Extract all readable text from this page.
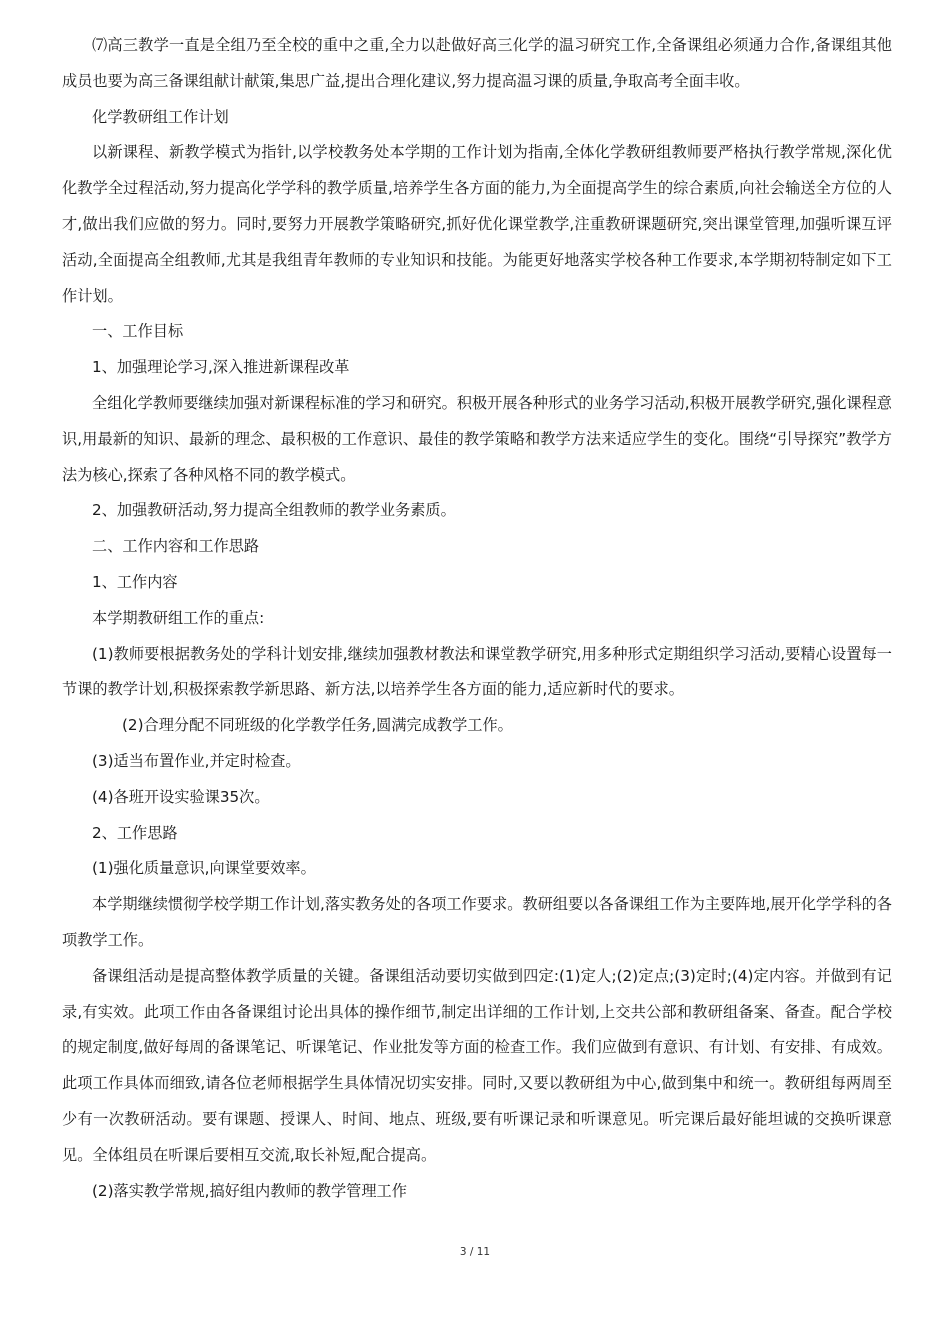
⑺高三教学一直是全组乃至全校的重中之重,全力以赴做好高三化学的温习研究工作,全备课组必须通力合作,备课组其他成员也要为高三备课组献计献策,集思广益,提出合理化建议,努力提高温习课的质量,争取高考全面丰收。

化学教研组工作计划

以新课程、新教学模式为指针,以学校教务处本学期的工作计划为指南,全体化学教研组教师要严格执行教学常规,深化优化教学全过程活动,努力提高化学学科的教学质量,培养学生各方面的能力,为全面提高学生的综合素质,向社会输送全方位的人才,做出我们应做的努力。同时,要努力开展教学策略研究,抓好优化课堂教学,注重教研课题研究,突出课堂管理,加强听课互评活动,全面提高全组教师,尤其是我组青年教师的专业知识和技能。为能更好地落实学校各种工作要求,本学期初特制定如下工作计划。

一、工作目标

1、加强理论学习,深入推进新课程改革

全组化学教师要继续加强对新课程标准的学习和研究。积极开展各种形式的业务学习活动,积极开展教学研究,强化课程意识,用最新的知识、最新的理念、最积极的工作意识、最佳的教学策略和教学方法来适应学生的变化。围绕“引导探究”教学方法为核心,探索了各种风格不同的教学模式。

2、加强教研活动,努力提高全组教师的教学业务素质。

二、工作内容和工作思路

1、工作内容

本学期教研组工作的重点:

(1)教师要根据教务处的学科计划安排,继续加强教材教法和课堂教学研究,用多种形式定期组织学习活动,要精心设置每一节课的教学计划,积极探索教学新思路、新方法,以培养学生各方面的能力,适应新时代的要求。

(2)合理分配不同班级的化学教学任务,圆满完成教学工作。

(3)适当布置作业,并定时检查。

(4)各班开设实验课35次。

2、工作思路

(1)强化质量意识,向课堂要效率。

本学期继续惯彻学校学期工作计划,落实教务处的各项工作要求。教研组要以各备课组工作为主要阵地,展开化学学科的各项教学工作。

备课组活动是提高整体教学质量的关键。备课组活动要切实做到四定:(1)定人;(2)定点;(3)定时;(4)定内容。并做到有记录,有实效。此项工作由各备课组讨论出具体的操作细节,制定出详细的工作计划,上交共公部和教研组备案、备查。配合学校的规定制度,做好每周的备课笔记、听课笔记、作业批发等方面的检查工作。我们应做到有意识、有计划、有安排、有成效。此项工作具体而细致,请各位老师根据学生具体情况切实安排。同时,又要以教研组为中心,做到集中和统一。教研组每两周至少有一次教研活动。要有课题、授课人、时间、地点、班级,要有听课记录和听课意见。听完课后最好能坦诚的交换听课意见。全体组员在听课后要相互交流,取长补短,配合提高。

(2)落实教学常规,搞好组内教师的教学管理工作

3 / 11
